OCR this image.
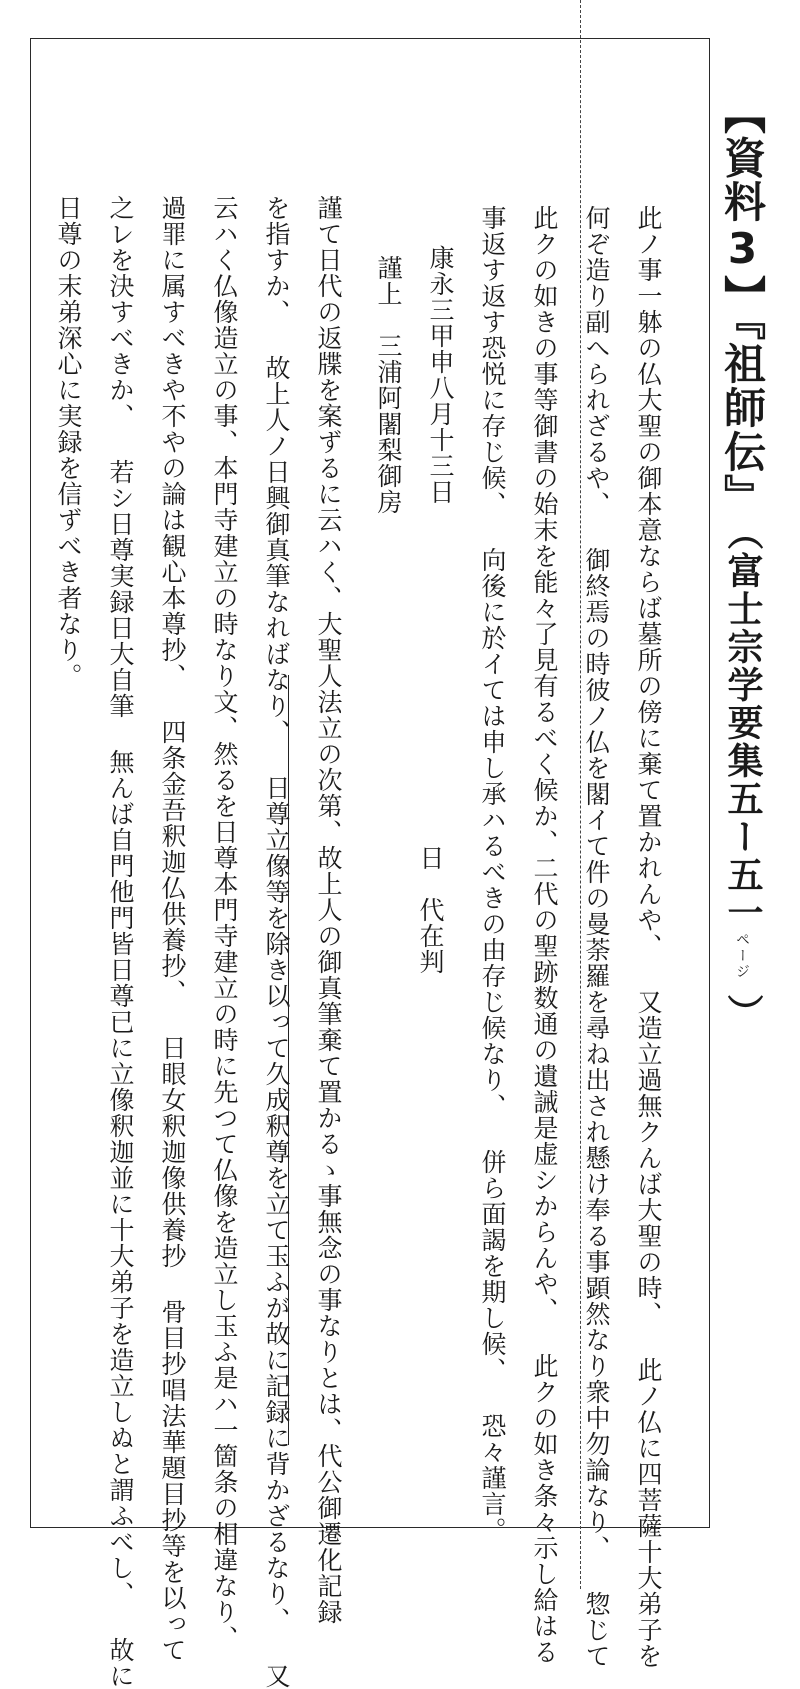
【資料3】『祖師伝』（富士宗学要集五ー五一ページ）

此ノ事一躰の仏大聖の御本意ならば墓所の傍に棄て置かれんや、 又造立過無クんば大聖の時、 此ノ仏に四菩薩十大弟子を

何ぞ造り副へられざるや、 御終焉の時彼ノ仏を閣イて件の曼荼羅を尋ね出され懸け奉る事顕然なり衆中勿論なり、 惣じて

此クの如きの事等御書の始末を能々了見有るべく候か、二代の聖跡数通の遺誡是虚シからんや、 此クの如き条々示し給はる

事返す返す恐悦に存じ候、 向後に於イては申し承ハるべきの由存じ候なり、 併ら面謁を期し候、 恐々謹言。

康永三甲申八月十三日

日　代在判

謹上　三浦阿闍梨御房

謹て日代の返牒を案ずるに云ハく、大聖人法立の次第、故上人の御真筆棄て置かるゝ事無念の事なりとは、代公御遷化記録

を指すか、 故上人ノ日興御真筆なればなり、 日尊立像等を除き以って久成釈尊を立て玉ふが故に記録に背かざるなり、 又

云ハく仏像造立の事、本門寺建立の時なり文、然るを日尊本門寺建立の時に先つて仏像を造立し玉ふ是ハ一箇条の相違なり、

過罪に属すべきや不やの論は観心本尊抄、 四条金吾釈迦仏供養抄、 日眼女釈迦像供養抄 骨目抄唱法華題目抄等を以って

之レを決すべきか、 若シ日尊実録日大自筆 無んば自門他門皆日尊已に立像釈迦並に十大弟子を造立しぬと謂ふべし、 故に

日尊の末弟深心に実録を信ずべき者なり。
